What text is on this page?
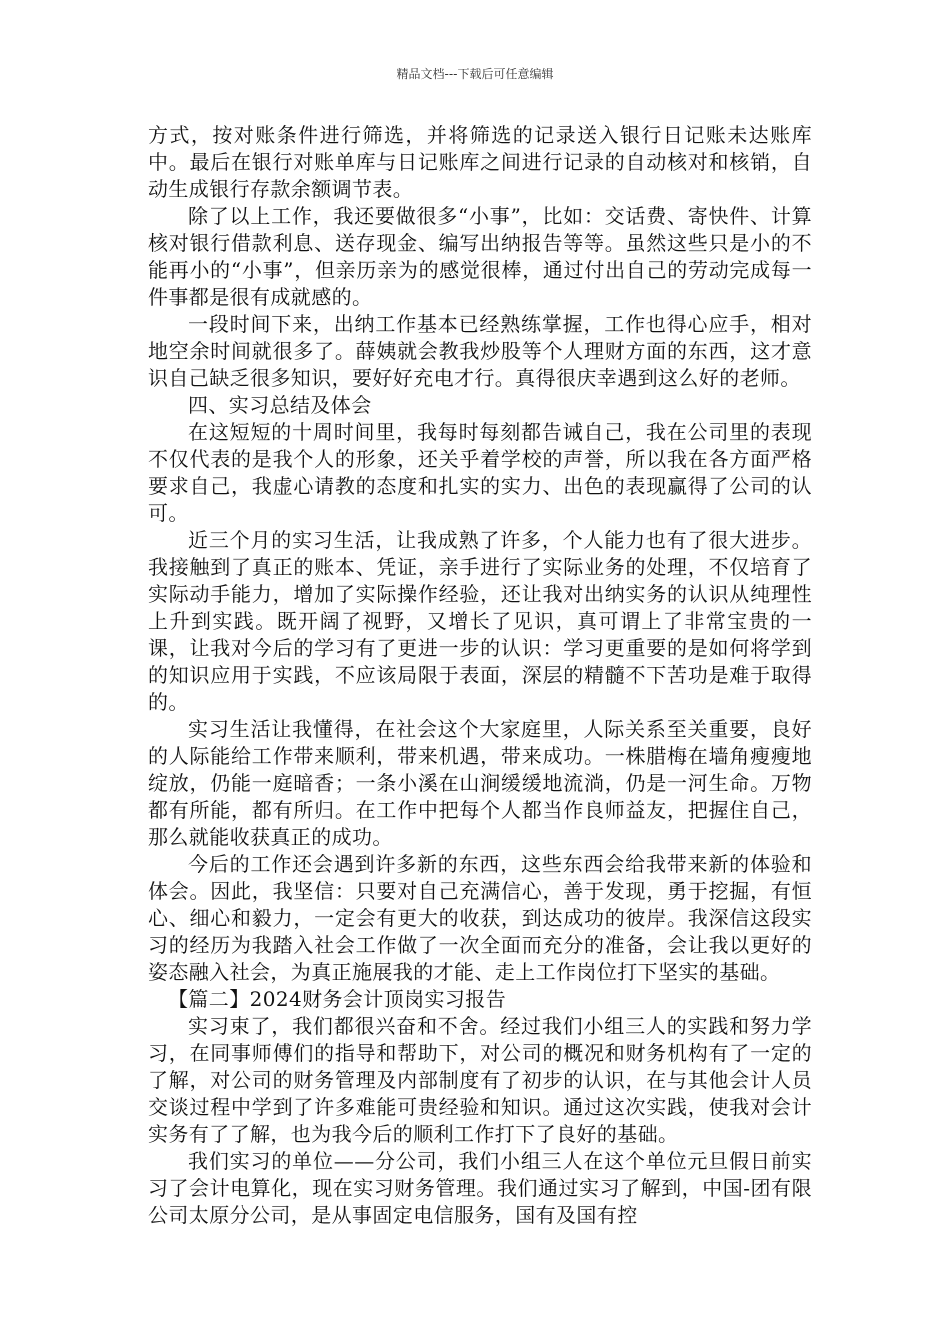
精品文档---下载后可任意编辑

方式，按对账条件进行筛选，并将筛选的记录送入银行日记账未达账库中。最后在银行对账单库与日记账库之间进行记录的自动核对和核销，自动生成银行存款余额调节表。

除了以上工作，我还要做很多“小事”，比如：交话费、寄快件、计算核对银行借款利息、送存现金、编写出纳报告等等。虽然这些只是小的不能再小的“小事”，但亲历亲为的感觉很棒，通过付出自己的劳动完成每一件事都是很有成就感的。

一段时间下来，出纳工作基本已经熟练掌握，工作也得心应手，相对地空余时间就很多了。薛姨就会教我炒股等个人理财方面的东西，这才意识自己缺乏很多知识，要好好充电才行。真得很庆幸遇到这么好的老师。

四、实习总结及体会

在这短短的十周时间里，我每时每刻都告诫自己，我在公司里的表现不仅代表的是我个人的形象，还关乎着学校的声誉，所以我在各方面严格要求自己，我虚心请教的态度和扎实的实力、出色的表现赢得了公司的认可。

近三个月的实习生活，让我成熟了许多，个人能力也有了很大进步。我接触到了真正的账本、凭证，亲手进行了实际业务的处理，不仅培育了实际动手能力，增加了实际操作经验，还让我对出纳实务的认识从纯理性上升到实践。既开阔了视野，又增长了见识，真可谓上了非常宝贵的一课，让我对今后的学习有了更进一步的认识：学习更重要的是如何将学到的知识应用于实践，不应该局限于表面，深层的精髓不下苦功是难于取得的。

实习生活让我懂得，在社会这个大家庭里，人际关系至关重要，良好的人际能给工作带来顺利，带来机遇，带来成功。一株腊梅在墙角瘦瘦地绽放，仍能一庭暗香；一条小溪在山涧缓缓地流淌，仍是一河生命。万物都有所能，都有所归。在工作中把每个人都当作良师益友，把握住自己，那么就能收获真正的成功。

今后的工作还会遇到许多新的东西，这些东西会给我带来新的体验和体会。因此，我坚信：只要对自己充满信心，善于发现，勇于挖掘，有恒心、细心和毅力，一定会有更大的收获，到达成功的彼岸。我深信这段实习的经历为我踏入社会工作做了一次全面而充分的准备，会让我以更好的姿态融入社会，为真正施展我的才能、走上工作岗位打下坚实的基础。

【篇二】2024财务会计顶岗实习报告

实习束了，我们都很兴奋和不舍。经过我们小组三人的实践和努力学习，在同事师傅们的指导和帮助下，对公司的概况和财务机构有了一定的了解，对公司的财务管理及内部制度有了初步的认识，在与其他会计人员交谈过程中学到了许多难能可贵经验和知识。通过这次实践，使我对会计实务有了了解，也为我今后的顺利工作打下了良好的基础。

我们实习的单位——分公司，我们小组三人在这个单位元旦假日前实习了会计电算化，现在实习财务管理。我们通过实习了解到，中国-团有限公司太原分公司，是从事固定电信服务，国有及国有控
